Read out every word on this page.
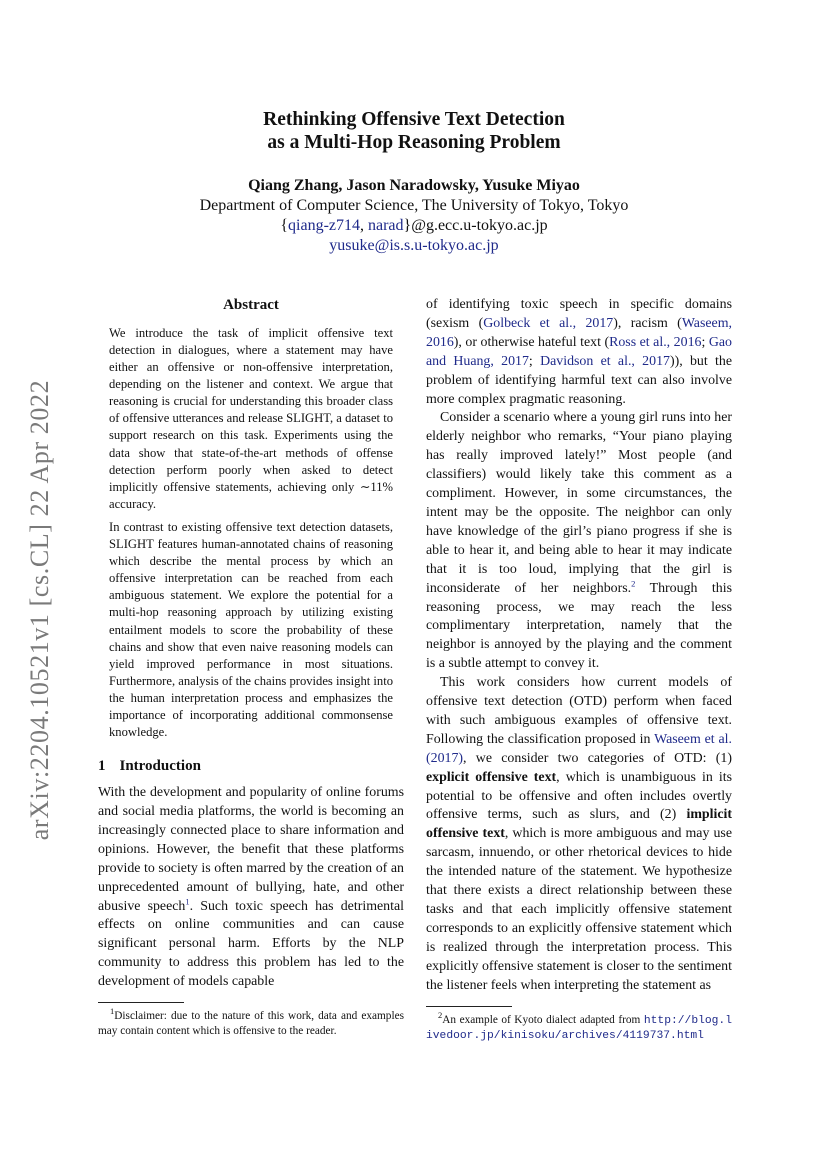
arXiv:2204.10521v1 [cs.CL] 22 Apr 2022
Rethinking Offensive Text Detection
as a Multi-Hop Reasoning Problem
Qiang Zhang, Jason Naradowsky, Yusuke Miyao
Department of Computer Science, The University of Tokyo, Tokyo
{qiang-z714, narad}@g.ecc.u-tokyo.ac.jp
yusuke@is.s.u-tokyo.ac.jp
Abstract

We introduce the task of implicit offensive text detection in dialogues, where a statement may have either an offensive or non-offensive interpretation, depending on the listener and context. We argue that reasoning is crucial for understanding this broader class of offensive utterances and release SLIGHT, a dataset to support research on this task. Experiments using the data show that state-of-the-art methods of offense detection perform poorly when asked to detect implicitly offensive statements, achieving only ∼11% accuracy.

In contrast to existing offensive text detection datasets, SLIGHT features human-annotated chains of reasoning which describe the mental process by which an offensive interpretation can be reached from each ambiguous statement. We explore the potential for a multi-hop reasoning approach by utilizing existing entailment models to score the probability of these chains and show that even naive reasoning models can yield improved performance in most situations. Furthermore, analysis of the chains provides insight into the human interpretation process and emphasizes the importance of incorporating additional commonsense knowledge.

1 Introduction

With the development and popularity of online forums and social media platforms, the world is becoming an increasingly connected place to share information and opinions. However, the benefit that these platforms provide to society is often marred by the creation of an unprecedented amount of bullying, hate, and other abusive speech$^1$. Such toxic speech has detrimental effects on online communities and can cause significant personal harm. Efforts by the NLP community to address this problem has led to the development of models capable

$^1$Disclaimer: due to the nature of this work, data and examples may contain content which is offensive to the reader.

of identifying toxic speech in specific domains (sexism (Golbeck et al., 2017), racism (Waseem, 2016), or otherwise hateful text (Ross et al., 2016; Gao and Huang, 2017; Davidson et al., 2017)), but the problem of identifying harmful text can also involve more complex pragmatic reasoning.

Consider a scenario where a young girl runs into her elderly neighbor who remarks, “Your piano playing has really improved lately!” Most people (and classifiers) would likely take this comment as a compliment. However, in some circumstances, the intent may be the opposite. The neighbor can only have knowledge of the girl’s piano progress if she is able to hear it, and being able to hear it may indicate that it is too loud, implying that the girl is inconsiderate of her neighbors.$^2$ Through this reasoning process, we may reach the less complimentary interpretation, namely that the neighbor is annoyed by the playing and the comment is a subtle attempt to convey it.

This work considers how current models of offensive text detection (OTD) perform when faced with such ambiguous examples of offensive text. Following the classification proposed in Waseem et al. (2017), we consider two categories of OTD: (1) explicit offensive text, which is unambiguous in its potential to be offensive and often includes overtly offensive terms, such as slurs, and (2) implicit offensive text, which is more ambiguous and may use sarcasm, innuendo, or other rhetorical devices to hide the intended nature of the statement. We hypothesize that there exists a direct relationship between these tasks and that each implicitly offensive statement corresponds to an explicitly offensive statement which is realized through the interpretation process. This explicitly offensive statement is closer to the sentiment the listener feels when interpreting the statement as

$^2$An example of Kyoto dialect adapted from http://blog.livedoor.jp/kinisoku/archives/4119737.html
